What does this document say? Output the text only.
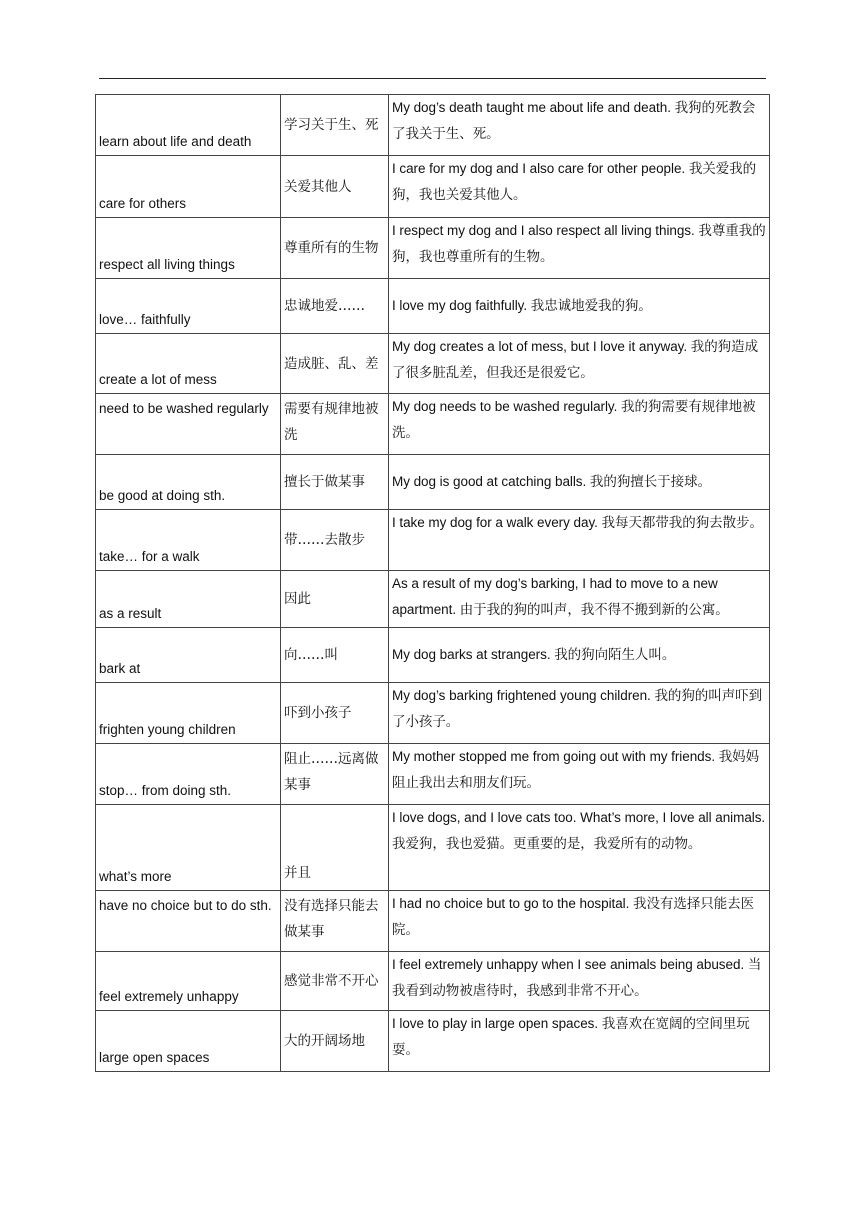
learn about life and death	学习关于生、死	My dog’s death taught me about life and death. 我狗的死教会了我关于生、死。
care for others	关爱其他人	I care for my dog and I also care for other people. 我关爱我的狗，我也关爱其他人。
respect all living things	尊重所有的生物	I respect my dog and I also respect all living things. 我尊重我的狗，我也尊重所有的生物。
love… faithfully	忠诚地爱……	I love my dog faithfully. 我忠诚地爱我的狗。
create a lot of mess	造成脏、乱、差	My dog creates a lot of mess, but I love it anyway. 我的狗造成了很多脏乱差，但我还是很爱它。
need to be washed regularly	需要有规律地被洗	My dog needs to be washed regularly. 我的狗需要有规律地被洗。
be good at doing sth.	擅长于做某事	My dog is good at catching balls. 我的狗擅长于接球。
take… for a walk	带……去散步	I take my dog for a walk every day. 我每天都带我的狗去散步。
as a result	因此	As a result of my dog’s barking, I had to move to a new apartment. 由于我的狗的叫声，我不得不搬到新的公寓。
bark at	向……叫	My dog barks at strangers. 我的狗向陌生人叫。
frighten young children	吓到小孩子	My dog’s barking frightened young children. 我的狗的叫声吓到了小孩子。
stop… from doing sth.	阻止……远离做某事	My mother stopped me from going out with my friends. 我妈妈阻止我出去和朋友们玩。
what’s more	并且	I love dogs, and I love cats too. What’s more, I love all animals. 我爱狗，我也爱猫。更重要的是，我爱所有的动物。
have no choice but to do sth.	没有选择只能去做某事	I had no choice but to go to the hospital. 我没有选择只能去医院。
feel extremely unhappy	感觉非常不开心	I feel extremely unhappy when I see animals being abused. 当我看到动物被虐待时，我感到非常不开心。
large open spaces	大的开阔场地	I love to play in large open spaces. 我喜欢在宽阔的空间里玩耍。
